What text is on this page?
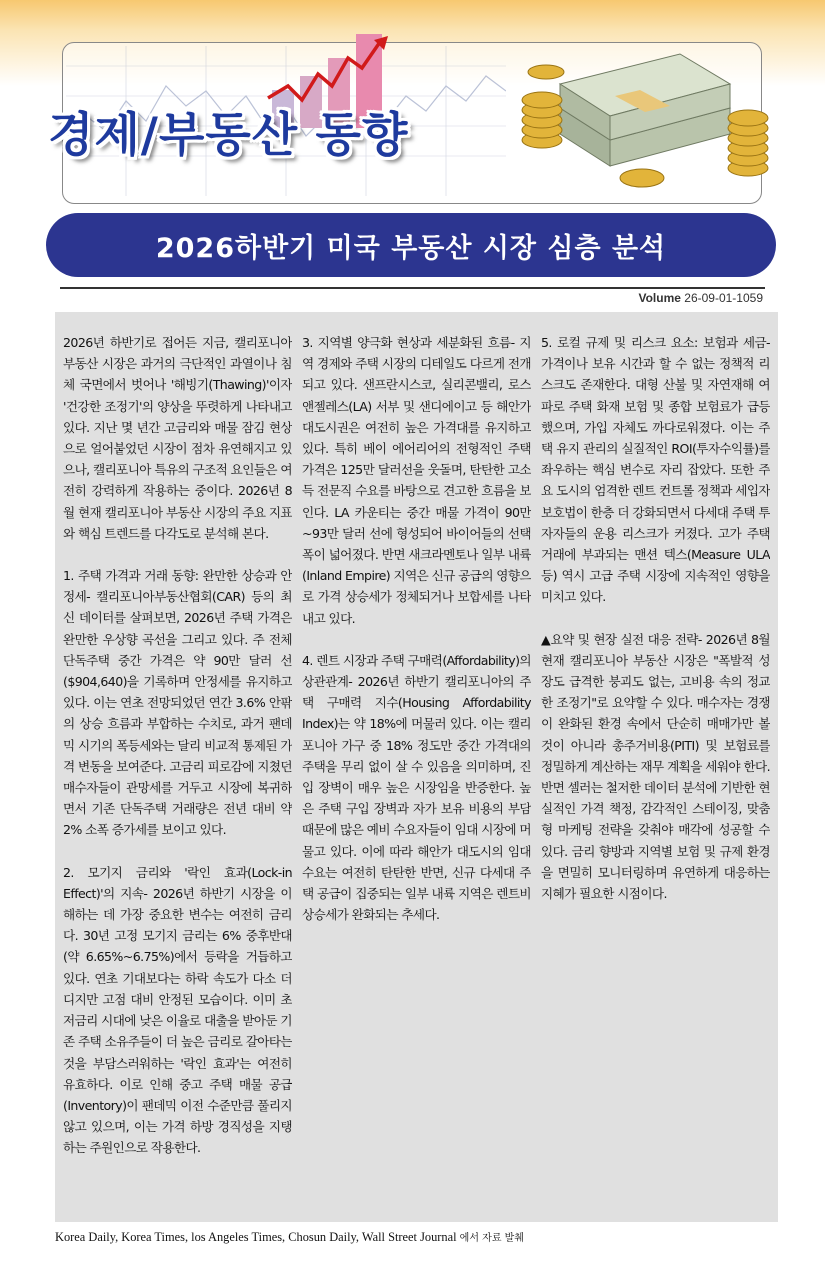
경제/부동산 동향
2026하반기 미국 부동산 시장 심층 분석
Volume 26-09-01-1059

2026년 하반기로 접어든 지금, 캘리포니아 부동산 시장은 과거의 극단적인 과열이나 침체 국면에서 벗어나 '해빙기(Thawing)'이자 '건강한 조정기'의 양상을 뚜렷하게 나타내고 있다. 지난 몇 년간 고금리와 매물 잠김 현상으로 얼어붙었던 시장이 점차 유연해지고 있으나, 캘리포니아 특유의 구조적 요인들은 여전히 강력하게 작용하는 중이다. 2026년 8월 현재 캘리포니아 부동산 시장의 주요 지표와 핵심 트렌드를 다각도로 분석해 본다.

1. 주택 가격과 거래 동향: 완만한 상승과 안정세- 캘리포니아부동산협회(CAR) 등의 최신 데이터를 살펴보면, 2026년 주택 가격은 완만한 우상향 곡선을 그리고 있다. 주 전체 단독주택 중간 가격은 약 90만 달러 선($904,640)을 기록하며 안정세를 유지하고 있다. 이는 연초 전망되었던 연간 3.6% 안팎의 상승 흐름과 부합하는 수치로, 과거 팬데믹 시기의 폭등세와는 달리 비교적 통제된 가격 변동을 보여준다. 고금리 피로감에 지쳤던 매수자들이 관망세를 거두고 시장에 복귀하면서 기존 단독주택 거래량은 전년 대비 약 2% 소폭 증가세를 보이고 있다.

2. 모기지 금리와 '락인 효과(Lock-in Effect)'의 지속- 2026년 하반기 시장을 이해하는 데 가장 중요한 변수는 여전히 금리다. 30년 고정 모기지 금리는 6% 중후반대(약 6.65%~6.75%)에서 등락을 거듭하고 있다. 연초 기대보다는 하락 속도가 다소 더디지만 고점 대비 안정된 모습이다. 이미 초저금리 시대에 낮은 이율로 대출을 받아둔 기존 주택 소유주들이 더 높은 금리로 갈아타는 것을 부담스러워하는 '락인 효과'는 여전히 유효하다. 이로 인해 중고 주택 매물 공급(Inventory)이 팬데믹 이전 수준만큼 풀리지 않고 있으며, 이는 가격 하방 경직성을 지탱하는 주원인으로 작용한다.

3. 지역별 양극화 현상과 세분화된 흐름- 지역 경제와 주택 시장의 디테일도 다르게 전개되고 있다. 샌프란시스코, 실리콘밸리, 로스앤젤레스(LA) 서부 및 샌디에이고 등 해안가 대도시권은 여전히 높은 가격대를 유지하고 있다. 특히 베이 에어리어의 전형적인 주택 가격은 125만 달러선을 웃돌며, 탄탄한 고소득 전문직 수요를 바탕으로 견고한 흐름을 보인다. LA 카운티는 중간 매물 가격이 90만~93만 달러 선에 형성되어 바이어들의 선택 폭이 넓어졌다. 반면 새크라멘토나 일부 내륙(Inland Empire) 지역은 신규 공급의 영향으로 가격 상승세가 정체되거나 보합세를 나타내고 있다.

4. 렌트 시장과 주택 구매력(Affordability)의 상관관계- 2026년 하반기 캘리포니아의 주택 구매력 지수(Housing Affordability Index)는 약 18%에 머물러 있다. 이는 캘리포니아 가구 중 18% 정도만 중간 가격대의 주택을 무리 없이 살 수 있음을 의미하며, 진입 장벽이 매우 높은 시장임을 반증한다. 높은 주택 구입 장벽과 자가 보유 비용의 부담 때문에 많은 예비 수요자들이 임대 시장에 머물고 있다. 이에 따라 해안가 대도시의 임대 수요는 여전히 탄탄한 반면, 신규 다세대 주택 공급이 집중되는 일부 내륙 지역은 렌트비 상승세가 완화되는 추세다.

5. 로컬 규제 및 리스크 요소: 보험과 세금- 가격이나 보유 시간과 할 수 없는 정책적 리스크도 존재한다. 대형 산불 및 자연재해 여파로 주택 화재 보험 및 종합 보험료가 급등했으며, 가입 자체도 까다로워졌다. 이는 주택 유지 관리의 실질적인 ROI(투자수익률)를 좌우하는 핵심 변수로 자리 잡았다. 또한 주요 도시의 엄격한 렌트 컨트롤 정책과 세입자 보호법이 한층 더 강화되면서 다세대 주택 투자자들의 운용 리스크가 커졌다. 고가 주택 거래에 부과되는 맨션 텍스(Measure ULA 등) 역시 고급 주택 시장에 지속적인 영향을 미치고 있다.

▲요약 및 현장 실전 대응 전략- 2026년 8월 현재 캘리포니아 부동산 시장은 "폭발적 성장도 급격한 붕괴도 없는, 고비용 속의 정교한 조정기"로 요약할 수 있다. 매수자는 경쟁이 완화된 환경 속에서 단순히 매매가만 볼 것이 아니라 총주거비용(PITI) 및 보험료를 정밀하게 계산하는 재무 계획을 세워야 한다. 반면 셀러는 철저한 데이터 분석에 기반한 현실적인 가격 책정, 감각적인 스테이징, 맞춤형 마케팅 전략을 갖춰야 매각에 성공할 수 있다. 금리 향방과 지역별 보험 및 규제 환경을 면밀히 모니터링하며 유연하게 대응하는 지혜가 필요한 시점이다.

Korea Daily, Korea Times, los Angeles Times, Chosun Daily, Wall Street Journal 에서 자료 발췌
